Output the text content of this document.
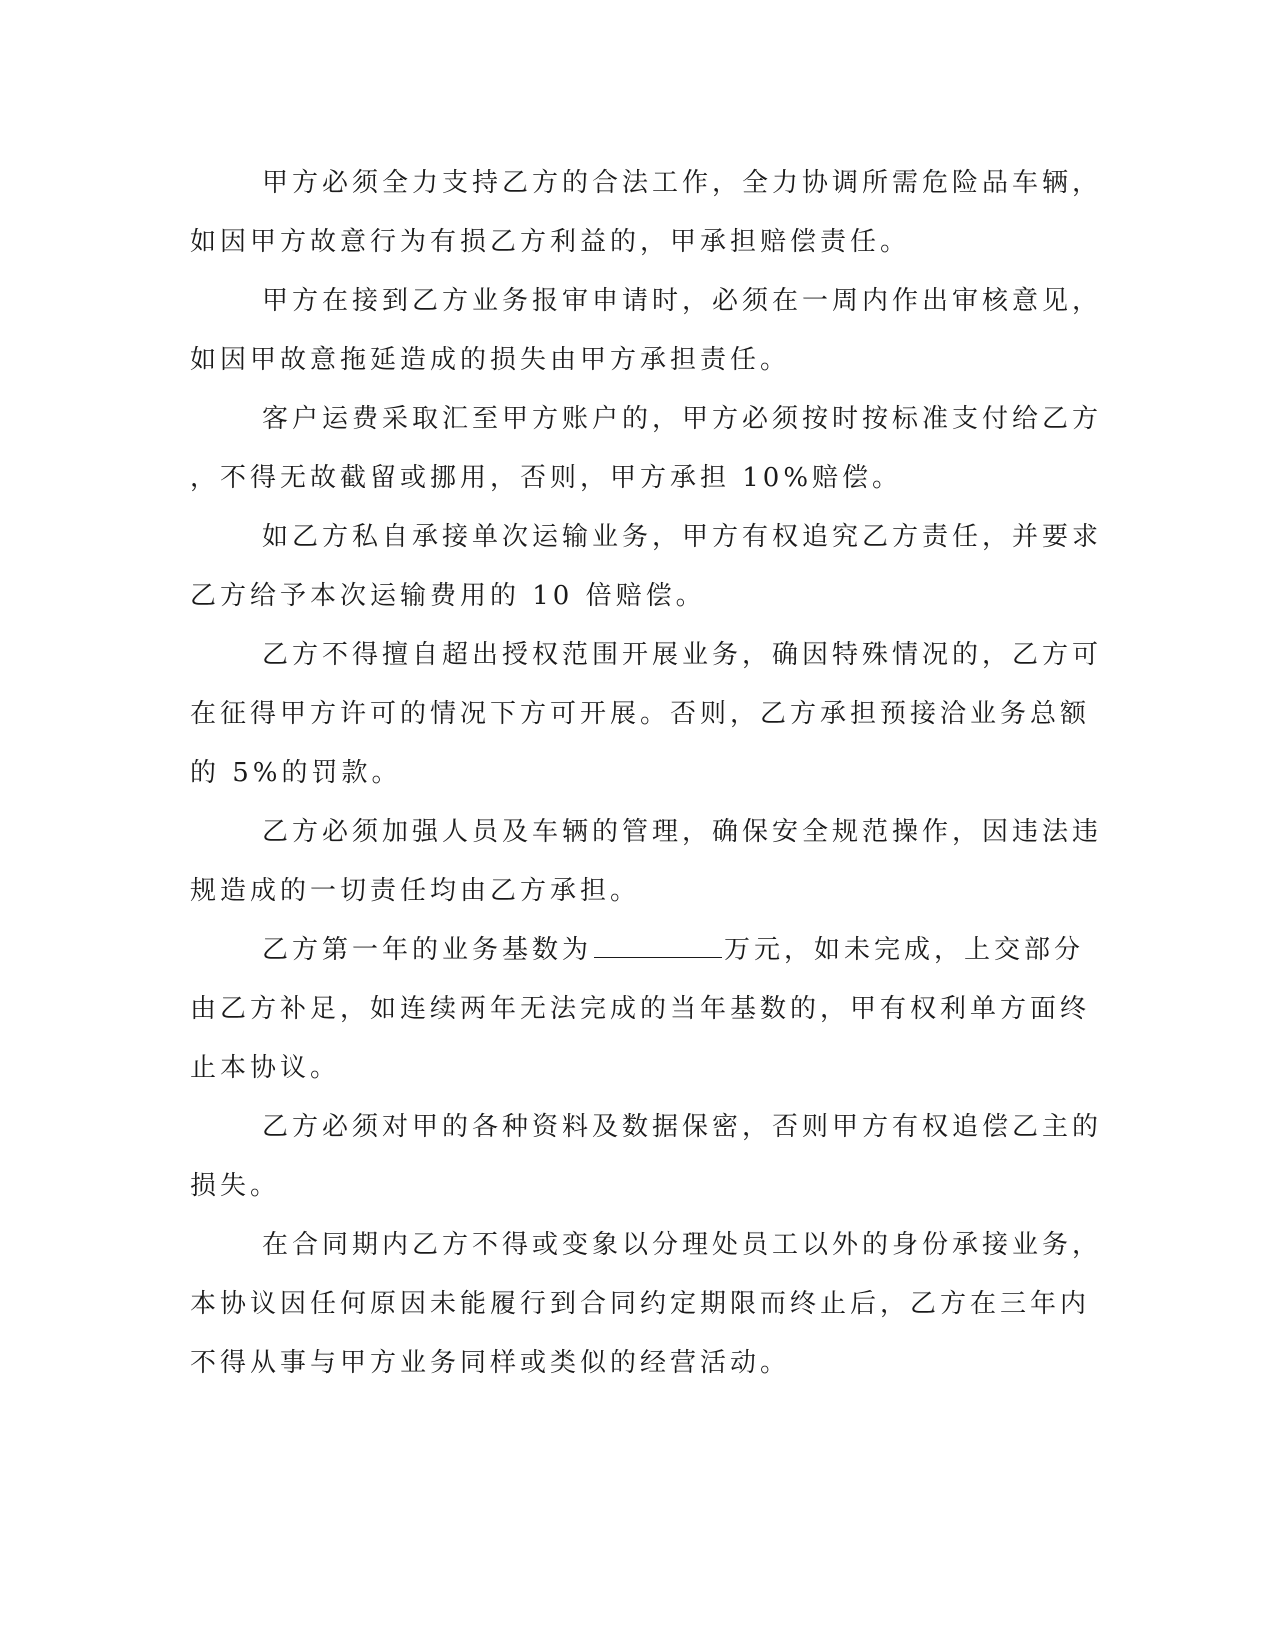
甲方必须全力支持乙方的合法工作，全力协调所需危险品车辆，
如因甲方故意行为有损乙方利益的，甲承担赔偿责任。
甲方在接到乙方业务报审申请时，必须在一周内作出审核意见，
如因甲故意拖延造成的损失由甲方承担责任。
客户运费采取汇至甲方账户的，甲方必须按时按标准支付给乙方
，不得无故截留或挪用，否则，甲方承担 10%赔偿。
如乙方私自承接单次运输业务，甲方有权追究乙方责任，并要求
乙方给予本次运输费用的 10 倍赔偿。
乙方不得擅自超出授权范围开展业务，确因特殊情况的，乙方可
在征得甲方许可的情况下方可开展。否则，乙方承担预接洽业务总额
的 5%的罚款。
乙方必须加强人员及车辆的管理，确保安全规范操作，因违法违
规造成的一切责任均由乙方承担。
乙方第一年的业务基数为	万元，如未完成，上交部分
由乙方补足，如连续两年无法完成的当年基数的，甲有权利单方面终
止本协议。
乙方必须对甲的各种资料及数据保密，否则甲方有权追偿乙主的
损失。
在合同期内乙方不得或变象以分理处员工以外的身份承接业务，
本协议因任何原因未能履行到合同约定期限而终止后，乙方在三年内
不得从事与甲方业务同样或类似的经营活动。
